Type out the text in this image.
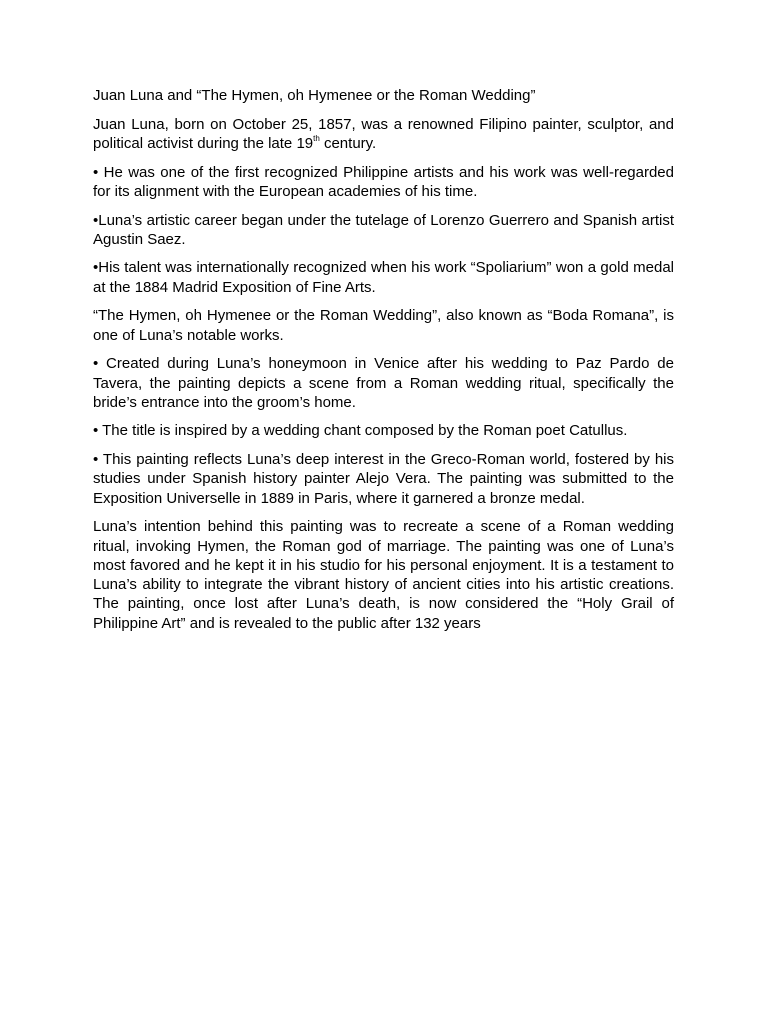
Juan Luna and “The Hymen, oh Hymenee or the Roman Wedding”

Juan Luna, born on October 25, 1857, was a renowned Filipino painter, sculptor, and political activist during the late 19th century.

• He was one of the first recognized Philippine artists and his work was well-regarded for its alignment with the European academies of his time.

•Luna’s artistic career began under the tutelage of Lorenzo Guerrero and Spanish artist Agustin Saez.

•His talent was internationally recognized when his work “Spoliarium” won a gold medal at the 1884 Madrid Exposition of Fine Arts.

“The Hymen, oh Hymenee or the Roman Wedding”, also known as “Boda Romana”, is one of Luna’s notable works.

• Created during Luna’s honeymoon in Venice after his wedding to Paz Pardo de Tavera, the painting depicts a scene from a Roman wedding ritual, specifically the bride’s entrance into the groom’s home.

• The title is inspired by a wedding chant composed by the Roman poet Catullus.

• This painting reflects Luna’s deep interest in the Greco-Roman world, fostered by his studies under Spanish history painter Alejo Vera. The painting was submitted to the Exposition Universelle in 1889 in Paris, where it garnered a bronze medal.

Luna’s intention behind this painting was to recreate a scene of a Roman wedding ritual, invoking Hymen, the Roman god of marriage. The painting was one of Luna’s most favored and he kept it in his studio for his personal enjoyment. It is a testament to Luna’s ability to integrate the vibrant history of ancient cities into his artistic creations. The painting, once lost after Luna’s death, is now considered the “Holy Grail of Philippine Art” and is revealed to the public after 132 years
